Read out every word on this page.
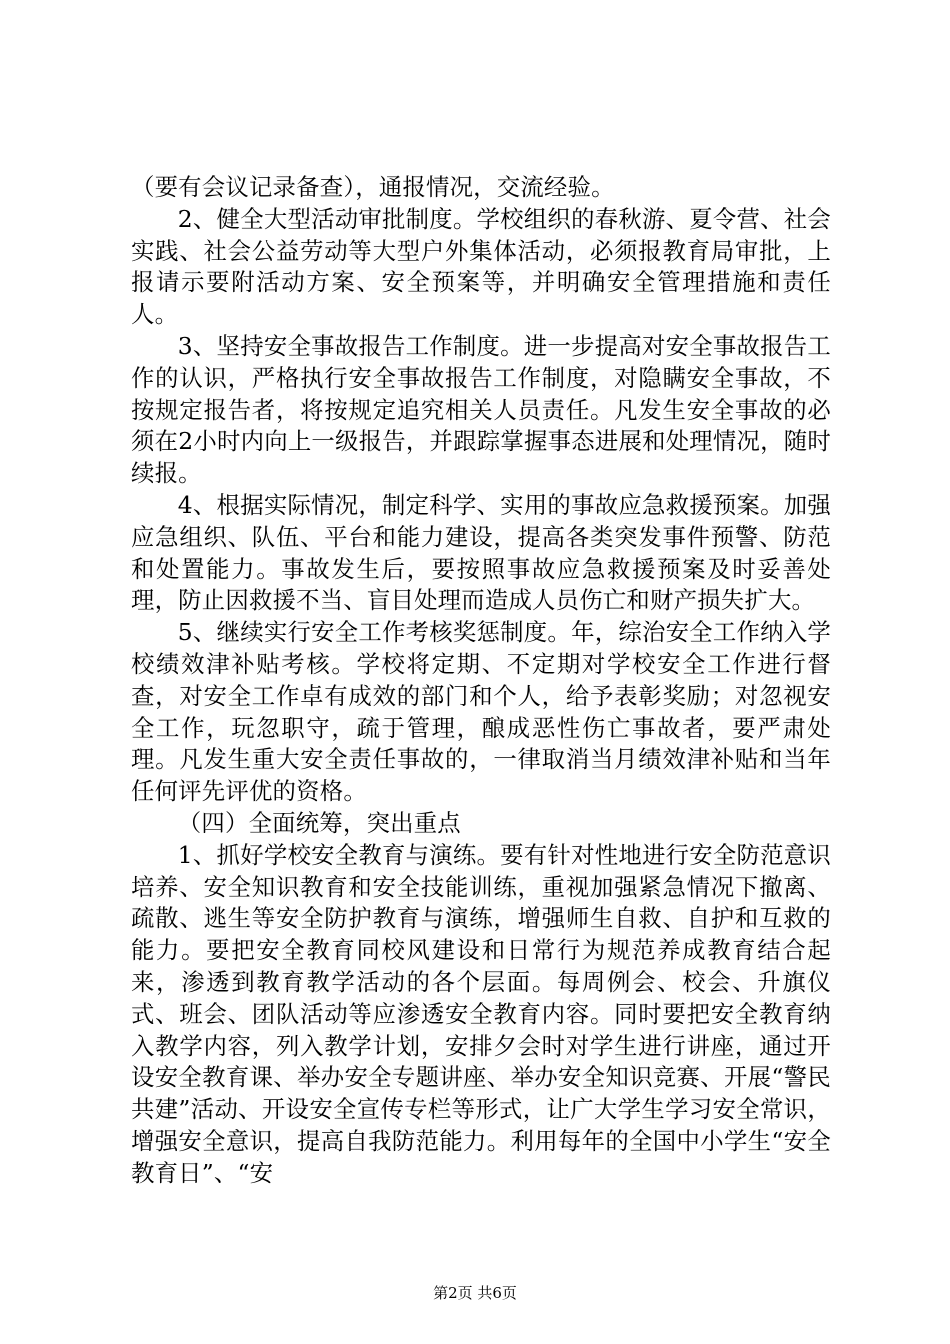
（要有会议记录备查），通报情况，交流经验。

2、健全大型活动审批制度。学校组织的春秋游、夏令营、社会实践、社会公益劳动等大型户外集体活动，必须报教育局审批，上报请示要附活动方案、安全预案等，并明确安全管理措施和责任人。

3、坚持安全事故报告工作制度。进一步提高对安全事故报告工作的认识，严格执行安全事故报告工作制度，对隐瞒安全事故，不按规定报告者，将按规定追究相关人员责任。凡发生安全事故的必须在2小时内向上一级报告，并跟踪掌握事态进展和处理情况，随时续报。

4、根据实际情况，制定科学、实用的事故应急救援预案。加强应急组织、队伍、平台和能力建设，提高各类突发事件预警、防范和处置能力。事故发生后，要按照事故应急救援预案及时妥善处理，防止因救援不当、盲目处理而造成人员伤亡和财产损失扩大。

5、继续实行安全工作考核奖惩制度。年，综治安全工作纳入学校绩效津补贴考核。学校将定期、不定期对学校安全工作进行督查，对安全工作卓有成效的部门和个人，给予表彰奖励；对忽视安全工作，玩忽职守，疏于管理，酿成恶性伤亡事故者，要严肃处理。凡发生重大安全责任事故的，一律取消当月绩效津补贴和当年任何评先评优的资格。

（四）全面统筹，突出重点

1、抓好学校安全教育与演练。要有针对性地进行安全防范意识培养、安全知识教育和安全技能训练，重视加强紧急情况下撤离、疏散、逃生等安全防护教育与演练，增强师生自救、自护和互救的能力。要把安全教育同校风建设和日常行为规范养成教育结合起来，渗透到教育教学活动的各个层面。每周例会、校会、升旗仪式、班会、团队活动等应渗透安全教育内容。同时要把安全教育纳入教学内容，列入教学计划，安排夕会时对学生进行讲座，通过开设安全教育课、举办安全专题讲座、举办安全知识竞赛、开展“警民共建”活动、开设安全宣传专栏等形式，让广大学生学习安全常识，增强安全意识，提高自我防范能力。利用每年的全国中小学生“安全教育日”、“安

第2页 共6页
